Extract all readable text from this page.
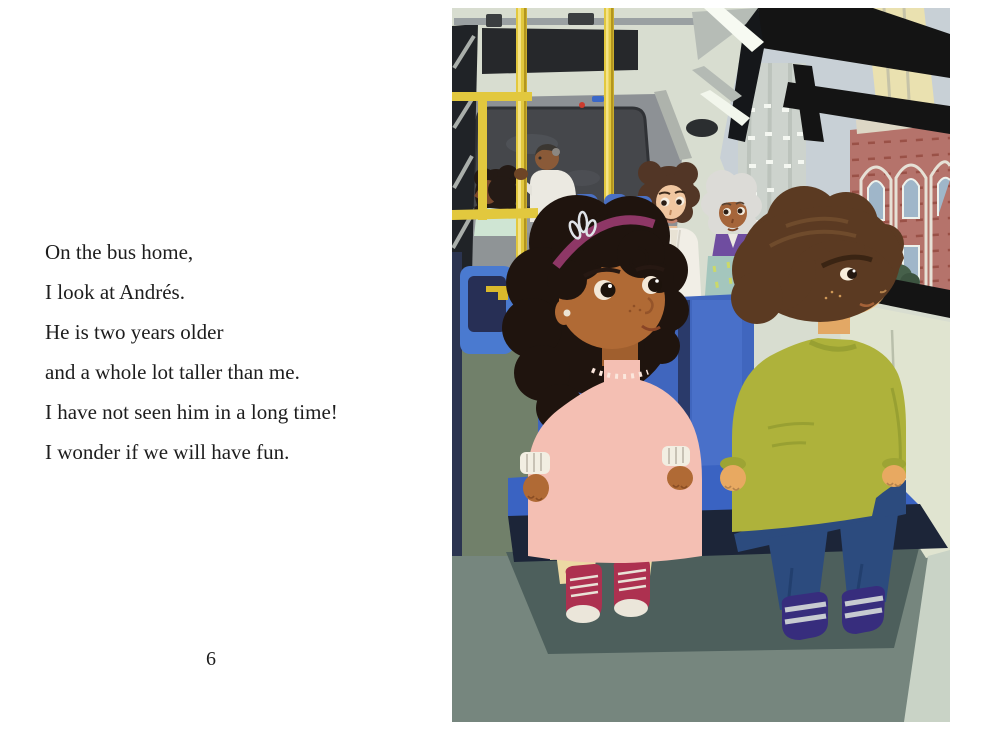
On the bus home,

I look at Andrés.

He is two years older

and a whole lot taller than me.

I have not seen him in a long time!

I wonder if we will have fun.

6
